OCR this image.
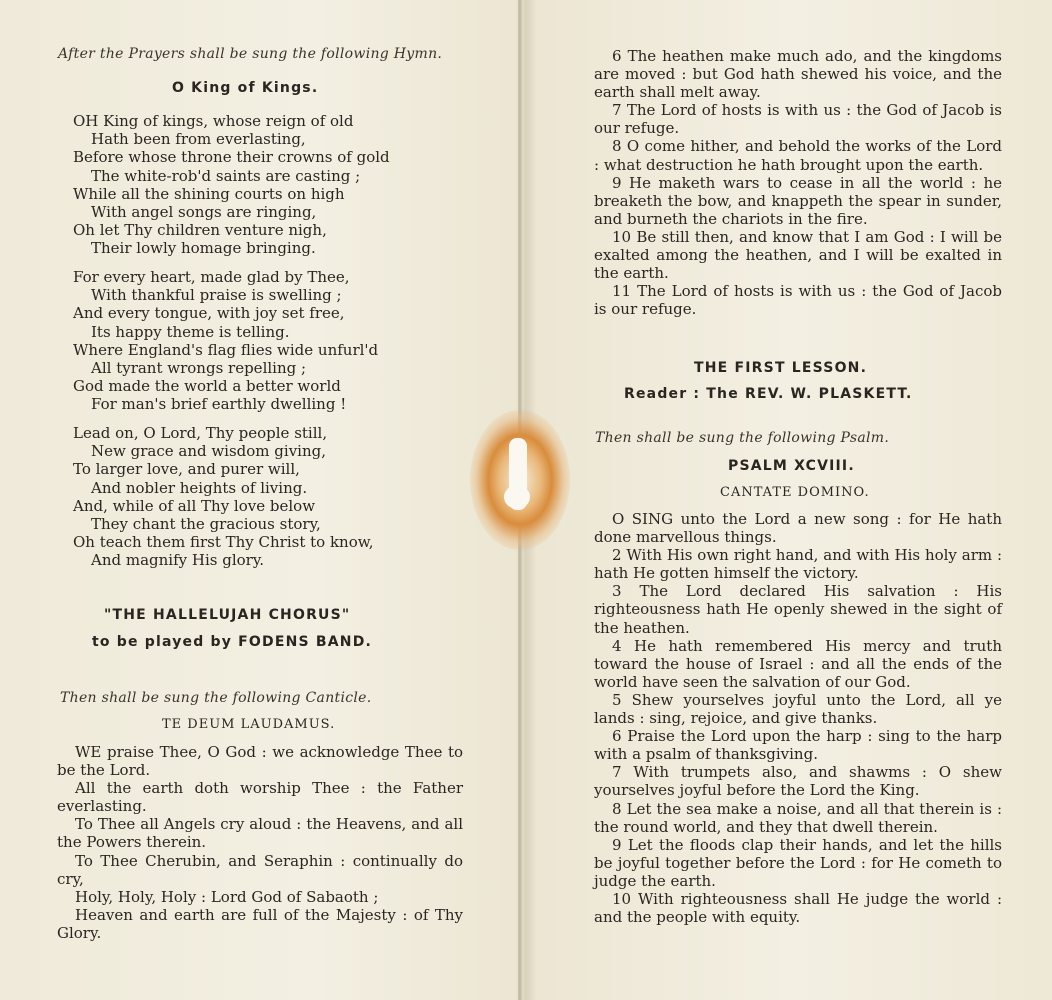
After the Prayers shall be sung the following Hymn.
O King of Kings.
OH King of kings, whose reign of old
Hath been from everlasting,
Before whose throne their crowns of gold
The white-rob'd saints are casting ;
While all the shining courts on high
With angel songs are ringing,
Oh let Thy children venture nigh,
Their lowly homage bringing.
For every heart, made glad by Thee,
With thankful praise is swelling ;
And every tongue, with joy set free,
Its happy theme is telling.
Where England's flag flies wide unfurl'd
All tyrant wrongs repelling ;
God made the world a better world
For man's brief earthly dwelling !
Lead on, O Lord, Thy people still,
New grace and wisdom giving,
To larger love, and purer will,
And nobler heights of living.
And, while of all Thy love below
They chant the gracious story,
Oh teach them first Thy Christ to know,
And magnify His glory.
"THE HALLELUJAH CHORUS"
to be played by FODENS BAND.
Then shall be sung the following Canticle.
TE DEUM LAUDAMUS.

WE praise Thee, O God : we acknowledge Thee to be the Lord.

All the earth doth worship Thee : the Father everlasting.

To Thee all Angels cry aloud : the Heavens, and all the Powers therein.

To Thee Cherubin, and Seraphin : continually do cry,

Holy, Holy, Holy : Lord God of Sabaoth ;

Heaven and earth are full of the Majesty : of Thy Glory.

6 The heathen make much ado, and the kingdoms are moved : but God hath shewed his voice, and the earth shall melt away.

7 The Lord of hosts is with us : the God of Jacob is our refuge.

8 O come hither, and behold the works of the Lord : what destruction he hath brought upon the earth.

9 He maketh wars to cease in all the world : he breaketh the bow, and knappeth the spear in sunder, and burneth the chariots in the fire.

10 Be still then, and know that I am God : I will be exalted among the heathen, and I will be exalted in the earth.

11 The Lord of hosts is with us : the God of Jacob is our refuge.

THE FIRST LESSON.
Reader : The REV. W. PLASKETT.
Then shall be sung the following Psalm.
PSALM XCVIII.
CANTATE DOMINO.

O SING unto the Lord a new song : for He hath done marvellous things.

2 With His own right hand, and with His holy arm : hath He gotten himself the victory.

3 The Lord declared His salvation : His righteousness hath He openly shewed in the sight of the heathen.

4 He hath remembered His mercy and truth toward the house of Israel : and all the ends of the world have seen the salvation of our God.

5 Shew yourselves joyful unto the Lord, all ye lands : sing, rejoice, and give thanks.

6 Praise the Lord upon the harp : sing to the harp with a psalm of thanksgiving.

7 With trumpets also, and shawms : O shew yourselves joyful before the Lord the King.

8 Let the sea make a noise, and all that therein is : the round world, and they that dwell therein.

9 Let the floods clap their hands, and let the hills be joyful together before the Lord : for He cometh to judge the earth.

10 With righteousness shall He judge the world : and the people with equity.
